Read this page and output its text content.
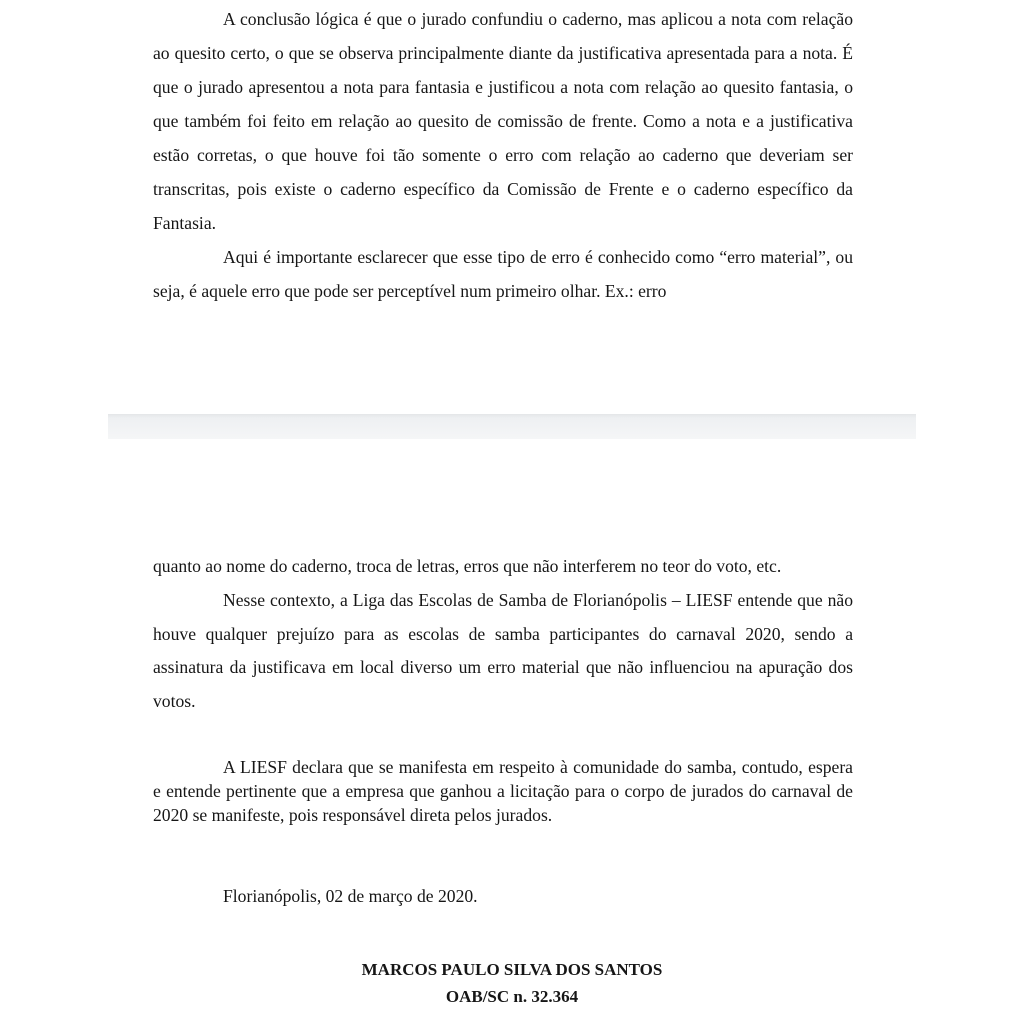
A conclusão lógica é que o jurado confundiu o caderno, mas aplicou a nota com relação ao quesito certo, o que se observa principalmente diante da justificativa apresentada para a nota. É que o jurado apresentou a nota para fantasia e justificou a nota com relação ao quesito fantasia, o que também foi feito em relação ao quesito de comissão de frente. Como a nota e a justificativa estão corretas, o que houve foi tão somente o erro com relação ao caderno que deveriam ser transcritas, pois existe o caderno específico da Comissão de Frente e o caderno específico da Fantasia.

Aqui é importante esclarecer que esse tipo de erro é conhecido como “erro material”, ou seja, é aquele erro que pode ser perceptível num primeiro olhar. Ex.: erro

quanto ao nome do caderno, troca de letras, erros que não interferem no teor do voto, etc.

Nesse contexto, a Liga das Escolas de Samba de Florianópolis – LIESF entende que não houve qualquer prejuízo para as escolas de samba participantes do carnaval 2020, sendo a assinatura da justificava em local diverso um erro material que não influenciou na apuração dos votos.

A LIESF declara que se manifesta em respeito à comunidade do samba, contudo, espera e entende pertinente que a empresa que ganhou a licitação para o corpo de jurados do carnaval de 2020 se manifeste, pois responsável direta pelos jurados.

Florianópolis, 02 de março de 2020.
MARCOS PAULO SILVA DOS SANTOS
OAB/SC n. 32.364
